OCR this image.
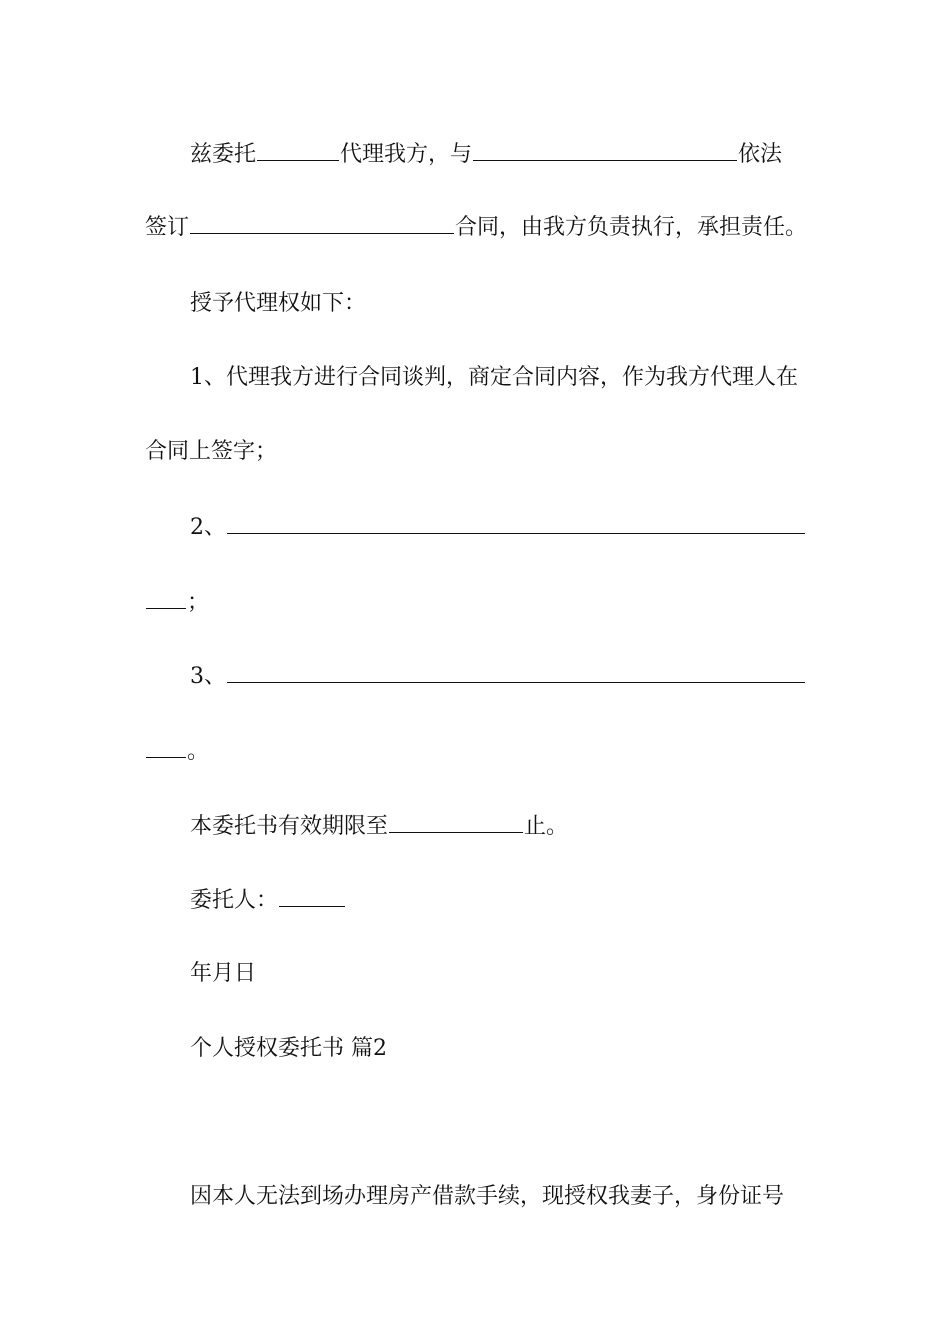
兹委托	代理我方，与	依法
签订	合同，由我方负责执行，承担责任。
授予代理权如下：
1、代理我方进行合同谈判，商定合同内容，作为我方代理人在
合同上签字；
2、
；
3、
。
本委托书有效期限至	止。
委托人：
年月日
个人授权委托书 篇2
因本人无法到场办理房产借款手续，现授权我妻子，身份证号
